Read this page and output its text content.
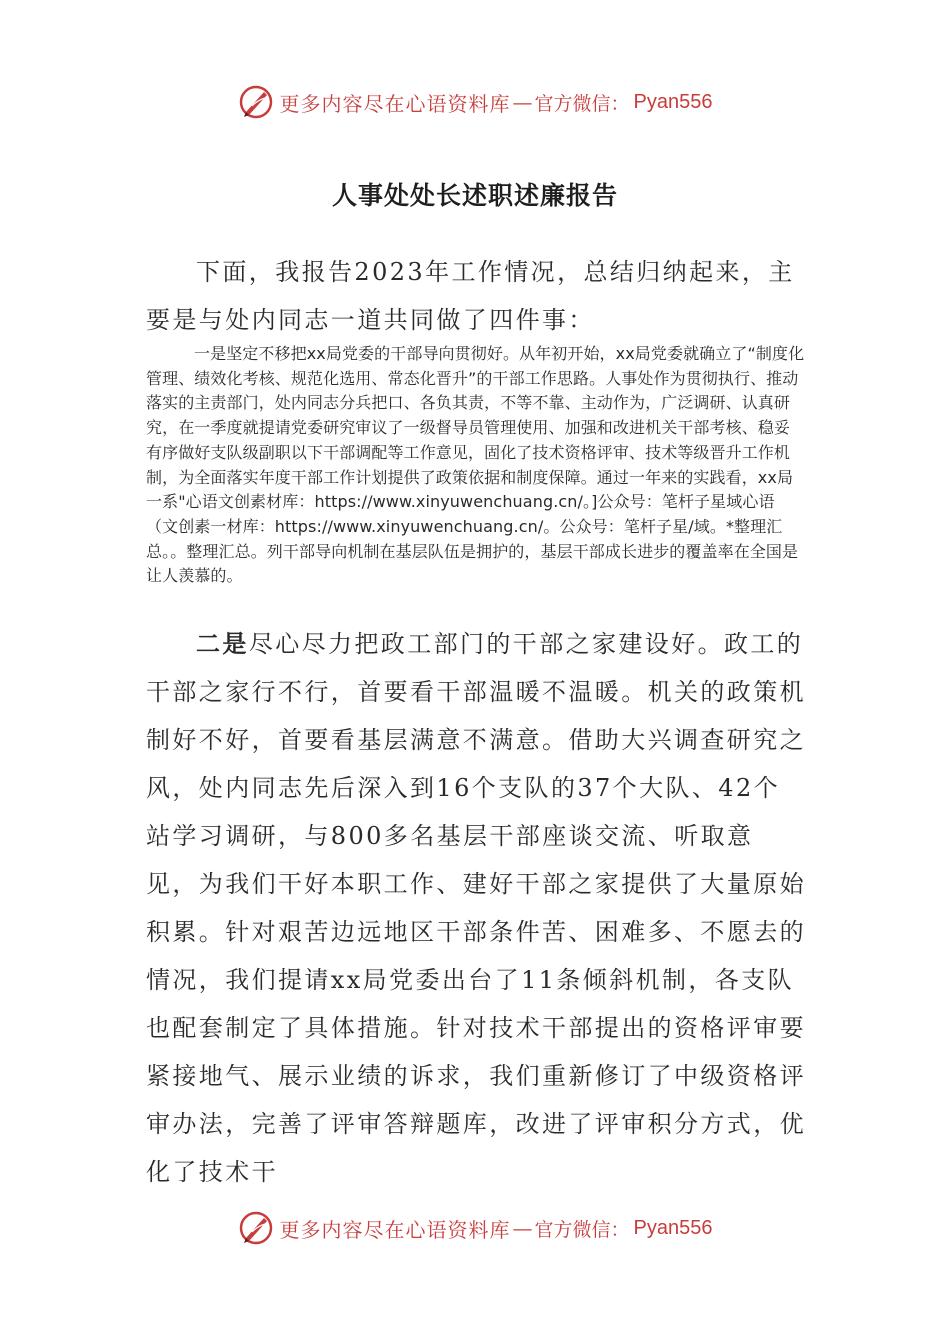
更多内容尽在心语资料库 — 官方微信： Pyan556
人事处处长述职述廉报告

下面，我报告2023年工作情况，总结归纳起来，主要是与处内同志一道共同做了四件事：

一是坚定不移把xx局党委的干部导向贯彻好。从年初开始，xx局党委就确立了“制度化管理、绩效化考核、规范化选用、常态化晋升”的干部工作思路。人事处作为贯彻执行、推动落实的主责部门，处内同志分兵把口、各负其责，不等不靠、主动作为，广泛调研、认真研究，在一季度就提请党委研究审议了一级督导员管理使用、加强和改进机关干部考核、稳妥有序做好支队级副职以下干部调配等工作意见，固化了技术资格评审、技术等级晋升工作机制，为全面落实年度干部工作计划提供了政策依据和制度保障。通过一年来的实践看，xx局一系"心语文创素材库：https://www.xinyuwenchuang.cn/。]公众号：笔杆子星域心语（文创素一材库：https://www.xinyuwenchuang.cn/。公众号：笔杆子星/域。*整理汇总。。整理汇总。列干部导向机制在基层队伍是拥护的，基层干部成长进步的覆盖率在全国是让人羡慕的。

二是尽心尽力把政工部门的干部之家建设好。政工的干部之家行不行，首要看干部温暖不温暖。机关的政策机制好不好，首要看基层满意不满意。借助大兴调查研究之风，处内同志先后深入到16个支队的37个大队、42个站学习调研，与800多名基层干部座谈交流、听取意见，为我们干好本职工作、建好干部之家提供了大量原始积累。针对艰苦边远地区干部条件苦、困难多、不愿去的情况，我们提请xx局党委出台了11条倾斜机制，各支队也配套制定了具体措施。针对技术干部提出的资格评审要紧接地气、展示业绩的诉求，我们重新修订了中级资格评审办法，完善了评审答辩题库，改进了评审积分方式，优化了技术干

更多内容尽在心语资料库 — 官方微信： Pyan556
